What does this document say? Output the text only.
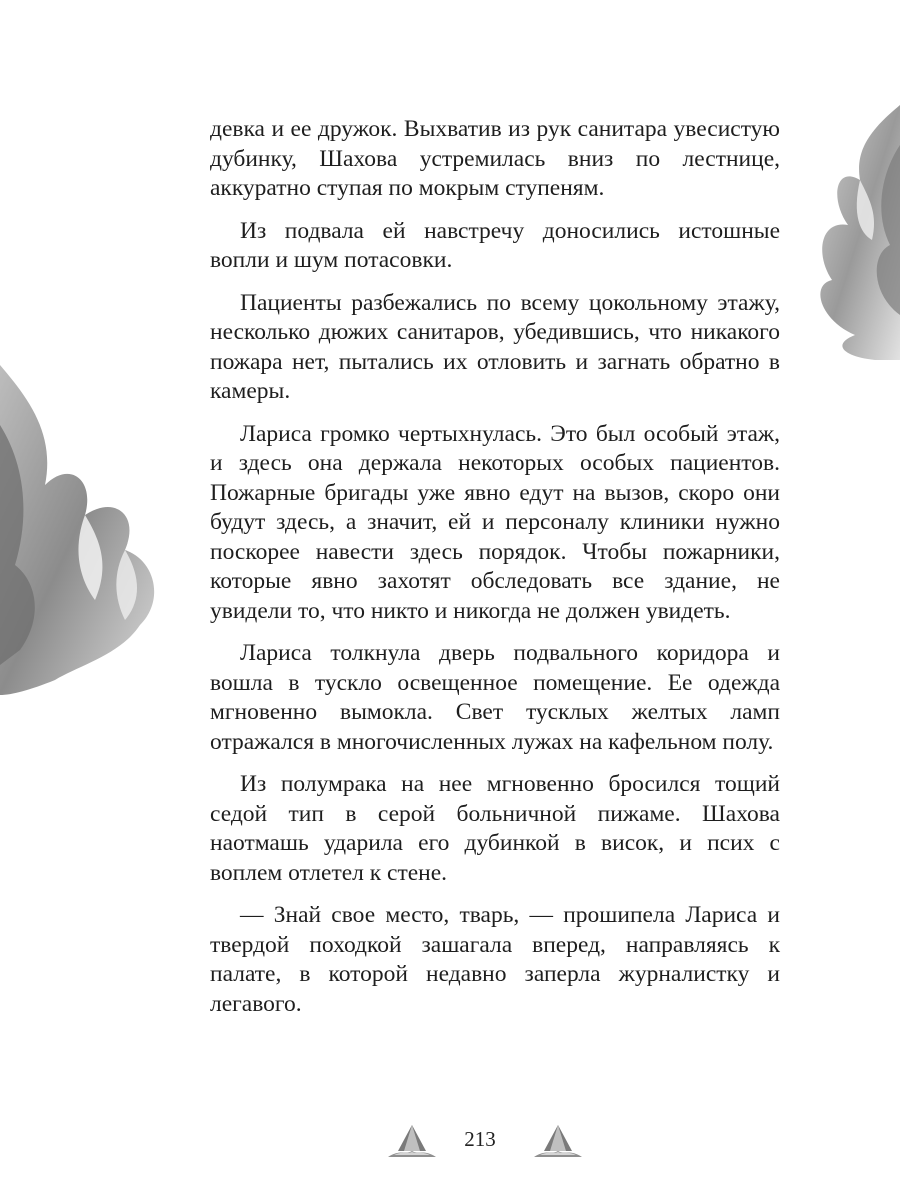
девка и ее дружок. Выхватив из рук санитара увесистую дубинку, Шахова устремилась вниз по лестнице, аккуратно ступая по мокрым ступеням.

Из подвала ей навстречу доносились истошные вопли и шум потасовки.

Пациенты разбежались по всему цокольному этажу, несколько дюжих санитаров, убедившись, что никакого пожара нет, пытались их отловить и загнать обратно в камеры.

Лариса громко чертыхнулась. Это был особый этаж, и здесь она держала некоторых особых пациентов. Пожарные бригады уже явно едут на вызов, скоро они будут здесь, а значит, ей и персоналу клиники нужно поскорее навести здесь порядок. Чтобы пожарники, которые явно захотят обследовать все здание, не увидели то, что никто и никогда не должен увидеть.

Лариса толкнула дверь подвального коридора и вошла в тускло освещенное помещение. Ее одежда мгновенно вымокла. Свет тусклых желтых ламп отражался в многочисленных лужах на кафельном полу.

Из полумрака на нее мгновенно бросился тощий седой тип в серой больничной пижаме. Шахова наотмашь ударила его дубинкой в висок, и псих с воплем отлетел к стене.

— Знай свое место, тварь, — прошипела Лариса и твердой походкой зашагала вперед, направляясь к палате, в которой недавно заперла журналистку и легавого.

213
